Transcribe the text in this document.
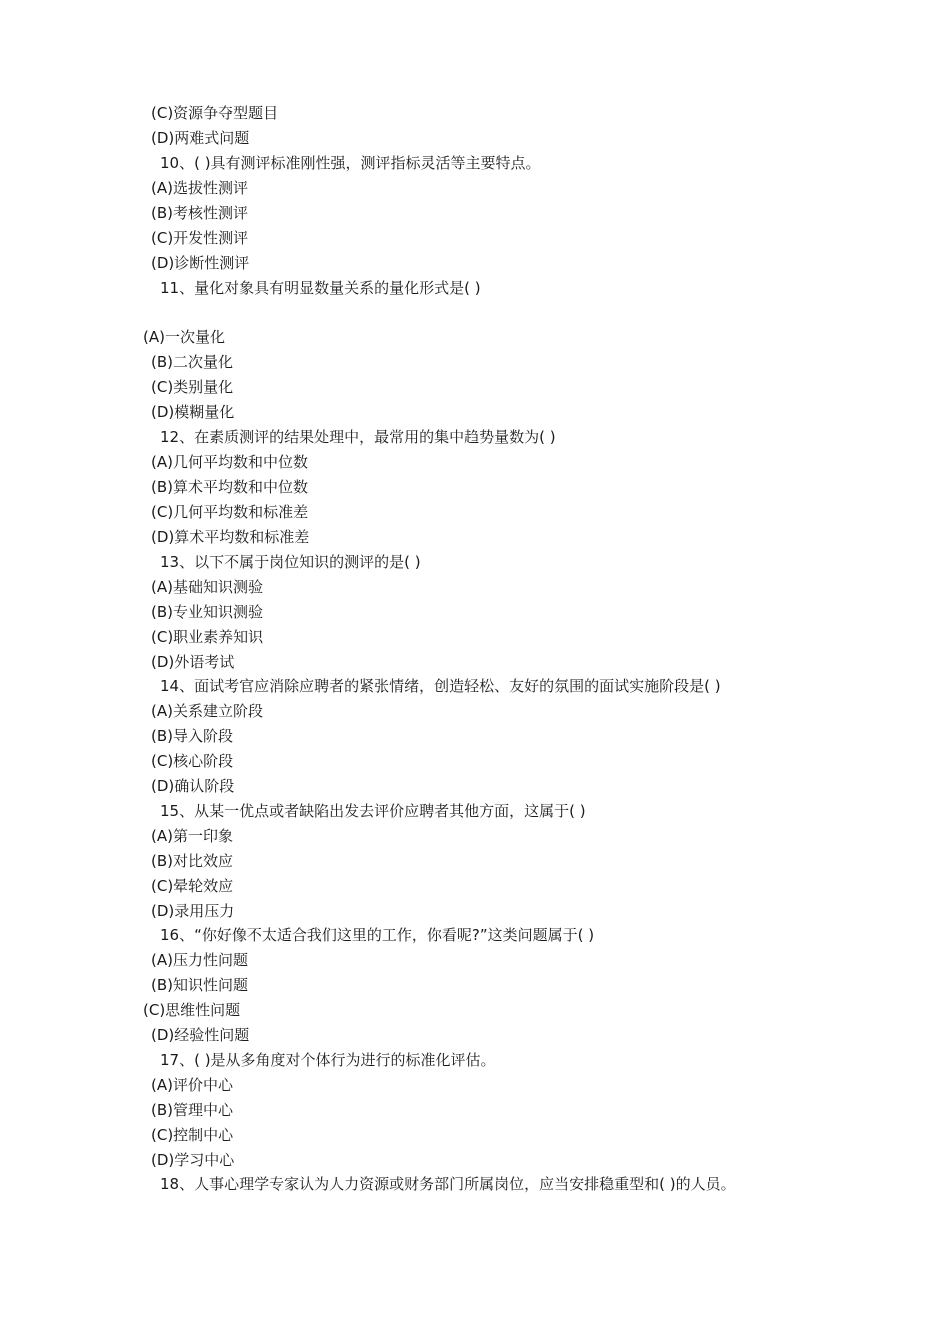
(C)资源争夺型题目
(D)两难式问题
10、( )具有测评标准刚性强，测评指标灵活等主要特点。
(A)选拔性测评
(B)考核性测评
(C)开发性测评
(D)诊断性测评
11、量化对象具有明显数量关系的量化形式是( )
(A)一次量化
(B)二次量化
(C)类别量化
(D)模糊量化
12、在素质测评的结果处理中，最常用的集中趋势量数为( )
(A)几何平均数和中位数
(B)算术平均数和中位数
(C)几何平均数和标准差
(D)算术平均数和标准差
13、以下不属于岗位知识的测评的是( )
(A)基础知识测验
(B)专业知识测验
(C)职业素养知识
(D)外语考试
14、面试考官应消除应聘者的紧张情绪，创造轻松、友好的氛围的面试实施阶段是( )
(A)关系建立阶段
(B)导入阶段
(C)核心阶段
(D)确认阶段
15、从某一优点或者缺陷出发去评价应聘者其他方面，这属于( )
(A)第一印象
(B)对比效应
(C)晕轮效应
(D)录用压力
16、“你好像不太适合我们这里的工作，你看呢?”这类问题属于( )
(A)压力性问题
(B)知识性问题
(C)思维性问题
(D)经验性问题
17、( )是从多角度对个体行为进行的标准化评估。
(A)评价中心
(B)管理中心
(C)控制中心
(D)学习中心
18、人事心理学专家认为人力资源或财务部门所属岗位，应当安排稳重型和( )的人员。
